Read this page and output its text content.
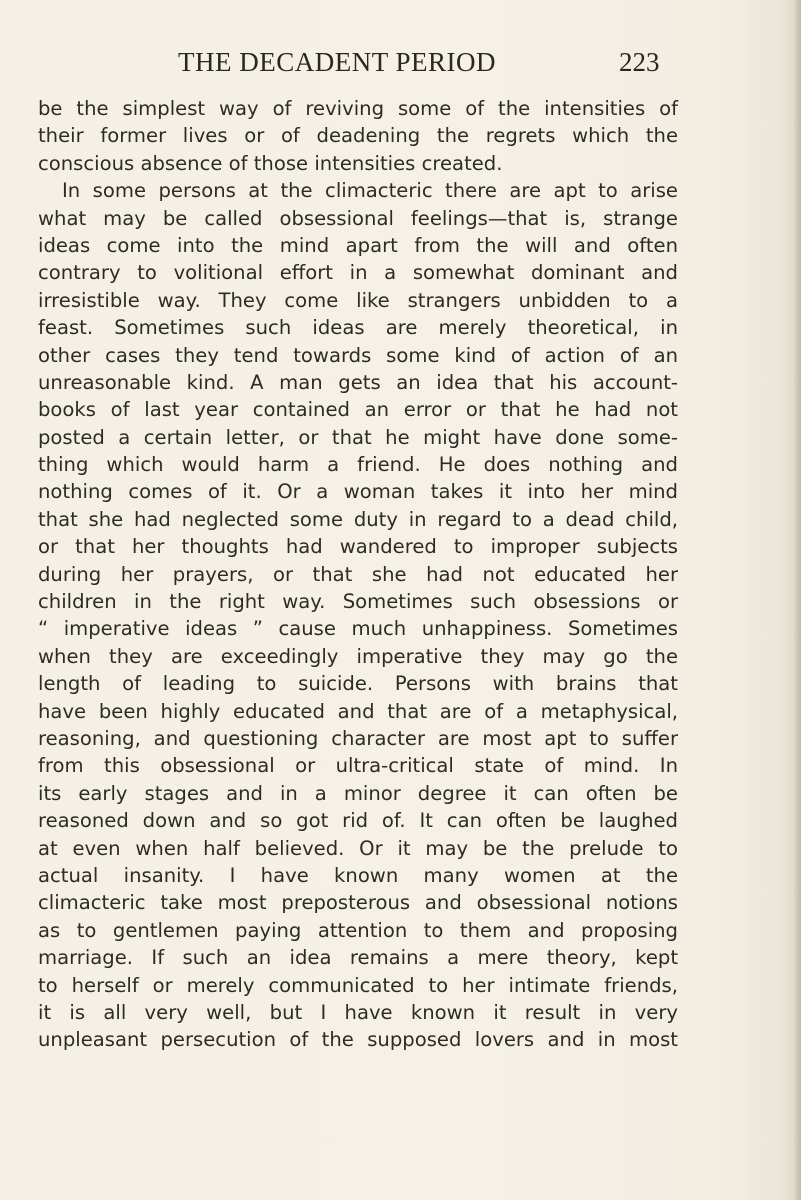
THE DECADENT PERIOD	223
be the simplest way of reviving some of the intensities of
their former lives or of deadening the regrets which the
conscious absence of those intensities created.
In some persons at the climacteric there are apt to arise
what may be called obsessional feelings—that is, strange
ideas come into the mind apart from the will and often
contrary to volitional effort in a somewhat dominant and
irresistible way. They come like strangers unbidden to a
feast. Sometimes such ideas are merely theoretical, in
other cases they tend towards some kind of action of an
unreasonable kind. A man gets an idea that his account-
books of last year contained an error or that he had not
posted a certain letter, or that he might have done some-
thing which would harm a friend. He does nothing and
nothing comes of it. Or a woman takes it into her mind
that she had neglected some duty in regard to a dead child,
or that her thoughts had wandered to improper subjects
during her prayers, or that she had not educated her
children in the right way. Sometimes such obsessions or
“ imperative ideas ” cause much unhappiness. Sometimes
when they are exceedingly imperative they may go the
length of leading to suicide. Persons with brains that
have been highly educated and that are of a metaphysical,
reasoning, and questioning character are most apt to suffer
from this obsessional or ultra-critical state of mind. In
its early stages and in a minor degree it can often be
reasoned down and so got rid of. It can often be laughed
at even when half believed. Or it may be the prelude to
actual insanity. I have known many women at the
climacteric take most preposterous and obsessional notions
as to gentlemen paying attention to them and proposing
marriage. If such an idea remains a mere theory, kept
to herself or merely communicated to her intimate friends,
it is all very well, but I have known it result in very
unpleasant persecution of the supposed lovers and in most
